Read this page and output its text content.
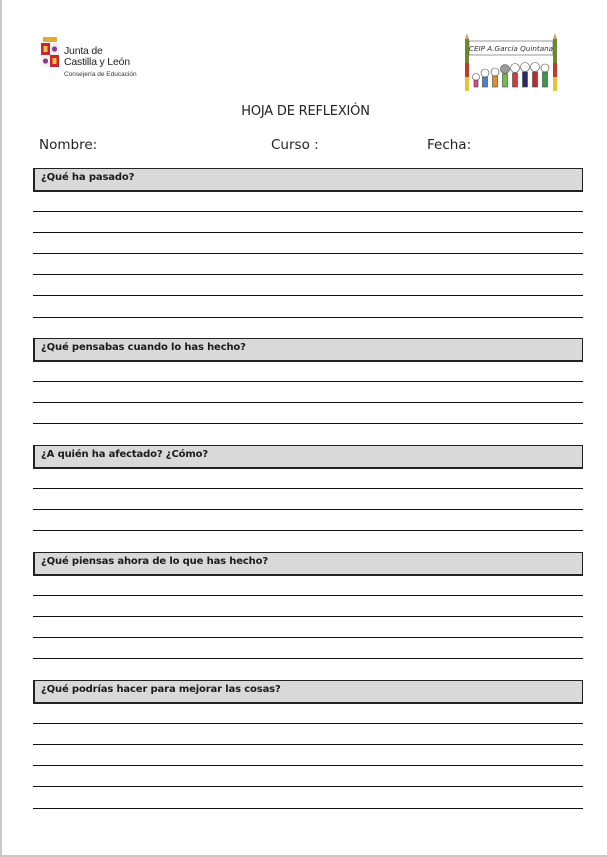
Junta de
Castilla y León
Consejería de Educación
CEIP A.García Quintana
HOJA DE REFLEXIÓN
Nombre:	Curso :	Fecha:
¿Qué ha pasado?
¿Qué pensabas cuando lo has hecho?
¿A quién ha afectado? ¿Cómo?
¿Qué piensas ahora de lo que has hecho?
¿Qué podrías hacer para mejorar las cosas?
